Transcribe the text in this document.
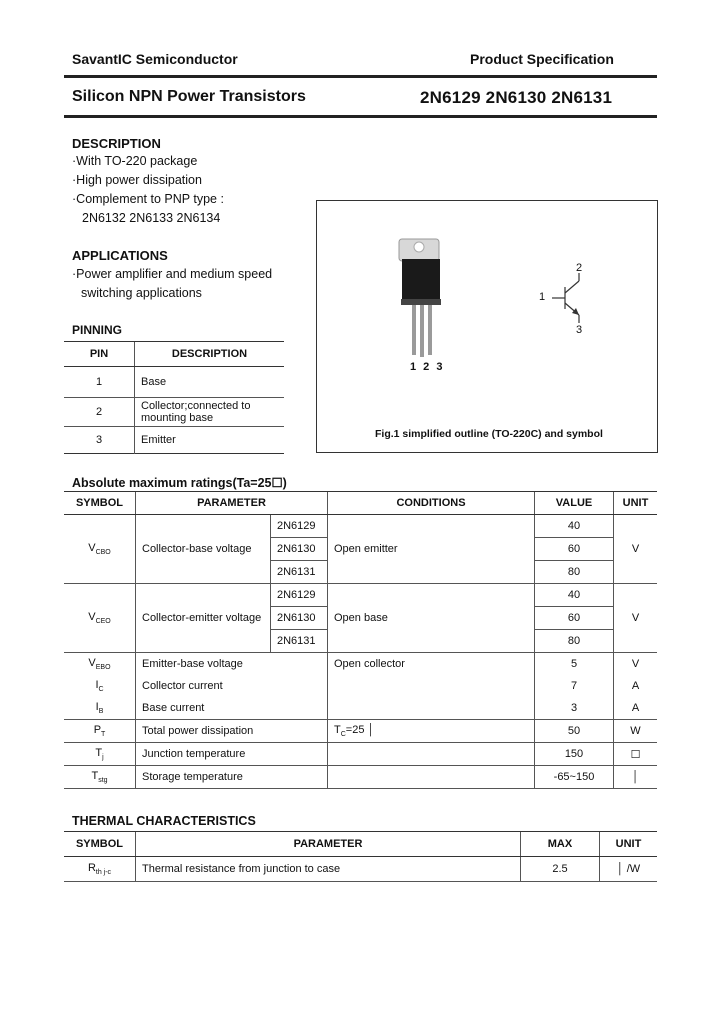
SavantIC Semiconductor	Product Specification
Silicon NPN Power Transistors	2N6129 2N6130 2N6131
DESCRIPTION
·With TO-220 package
·High power dissipation
·Complement to PNP type :
2N6132 2N6133 2N6134
APPLICATIONS
·Power amplifier and medium speed
switching applications
PINNING
PIN	DESCRIPTION
1	Base
2	Collector;connected to mounting base
3	Emitter
1 2 3
1
2
3
Fig.1 simplified outline (TO-220C) and symbol
Absolute maximum ratings(Ta=25☐)
SYMBOL	PARAMETER		CONDITIONS	VALUE	UNIT
$V_{CBO}$	Collector-base voltage	2N6129	Open emitter	40	V
		2N6130		60	
		2N6131		80	
$V_{CEO}$	Collector-emitter voltage	2N6129	Open base	40	V
		2N6130		60	
		2N6131		80	
$V_{EBO}$	Emitter-base voltage		Open collector	5	V
$I_C$	Collector current			7	A
$I_B$	Base current			3	A
$P_T$	Total power dissipation		$T_C=25$ │	50	W
$T_j$	Junction temperature			150	☐
$T_{stg}$	Storage temperature			-65~150	│
THERMAL CHARACTERISTICS
SYMBOL	PARAMETER	MAX	UNIT
$R_{th j-c}$	Thermal resistance from junction to case	2.5	│ /W
